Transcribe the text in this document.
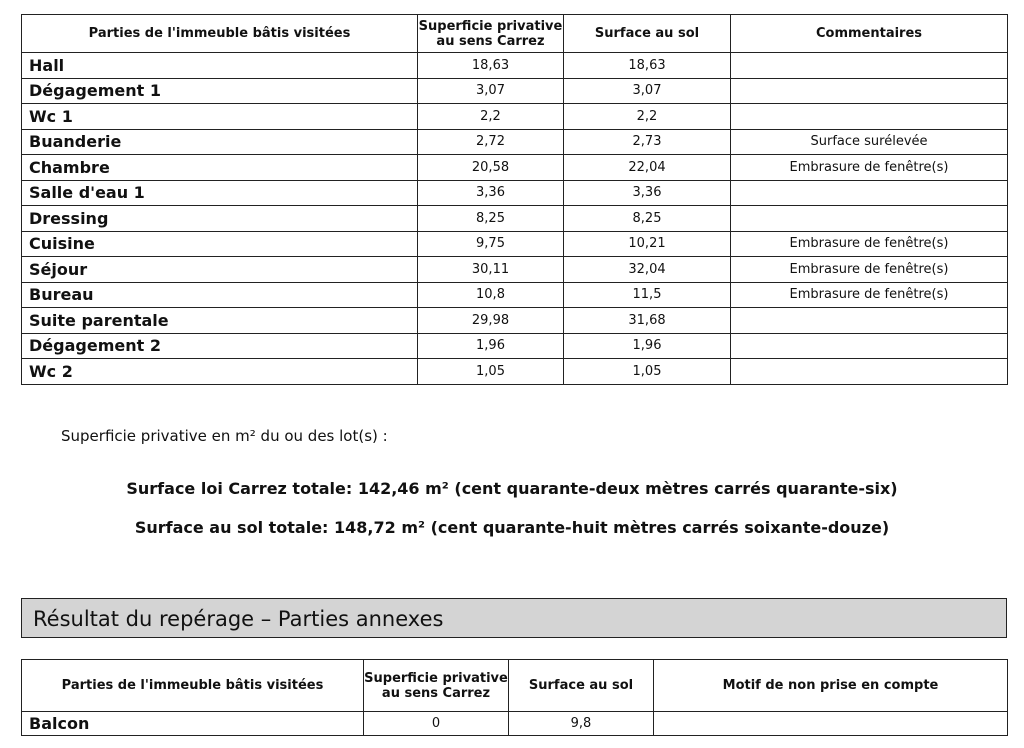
Parties de l'immeuble bâtis visitées	Superficie privative au sens Carrez	Surface au sol	Commentaires
Hall	18,63	18,63	
Dégagement 1	3,07	3,07	
Wc 1	2,2	2,2	
Buanderie	2,72	2,73	Surface surélevée
Chambre	20,58	22,04	Embrasure de fenêtre(s)
Salle d'eau 1	3,36	3,36	
Dressing	8,25	8,25	
Cuisine	9,75	10,21	Embrasure de fenêtre(s)
Séjour	30,11	32,04	Embrasure de fenêtre(s)
Bureau	10,8	11,5	Embrasure de fenêtre(s)
Suite parentale	29,98	31,68	
Dégagement 2	1,96	1,96	
Wc 2	1,05	1,05	
Superficie privative en m² du ou des lot(s) :
Surface loi Carrez totale: 142,46 m² (cent quarante-deux mètres carrés quarante-six)
Surface au sol totale: 148,72 m² (cent quarante-huit mètres carrés soixante-douze)
Résultat du repérage – Parties annexes
Parties de l'immeuble bâtis visitées	Superficie privative au sens Carrez	Surface au sol	Motif de non prise en compte
Balcon	0	9,8	
